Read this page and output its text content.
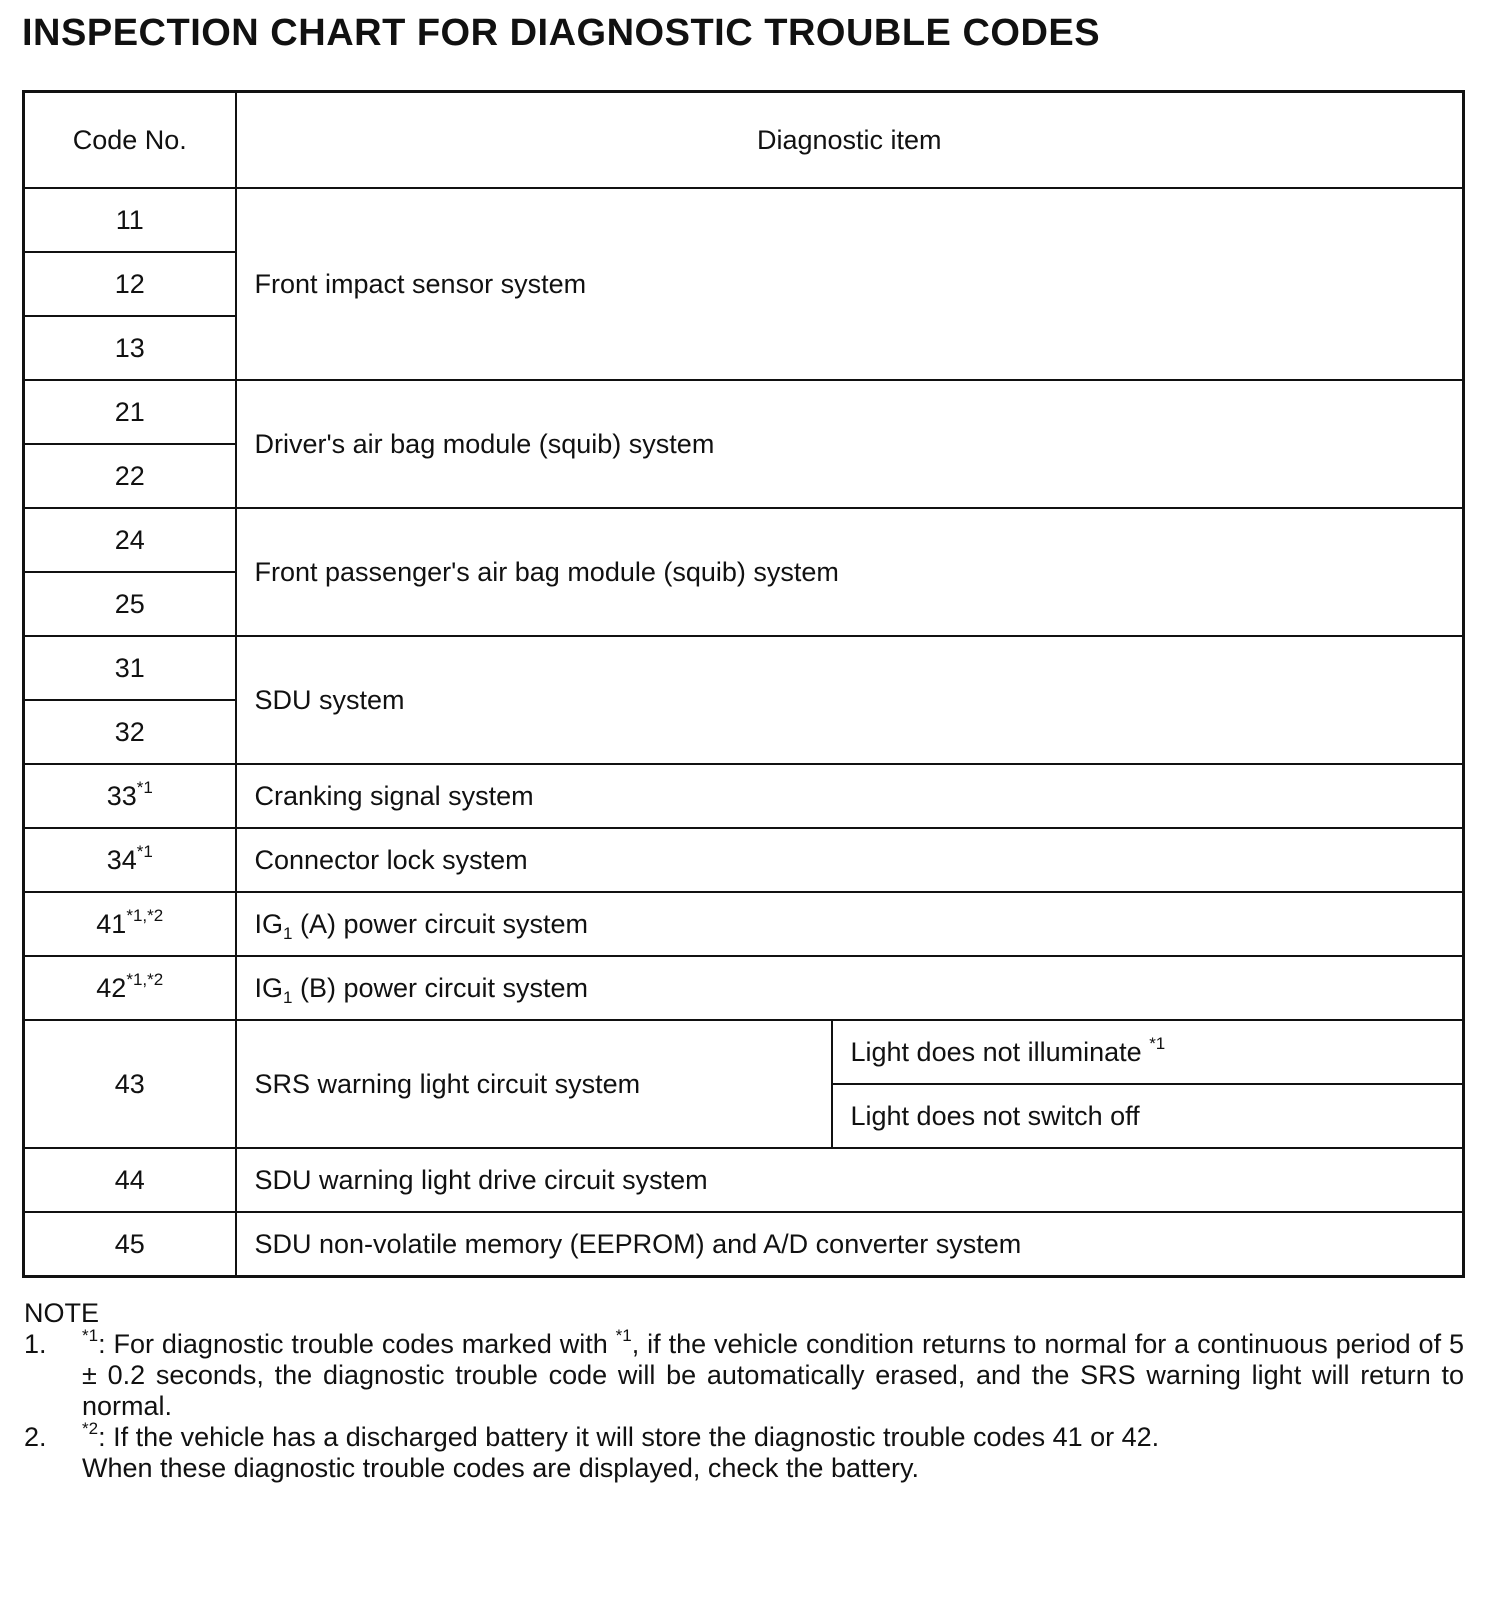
INSPECTION CHART FOR DIAGNOSTIC TROUBLE CODES
Code No.	Diagnostic item	
11	Front impact sensor system	
12		
13		
21	Driver's air bag module (squib) system	
22		
24	Front passenger's air bag module (squib) system	
25		
31	SDU system	
32		
33$^{*1}$	Cranking signal system	
34$^{*1}$	Connector lock system	
$41^{*1,*2}$	$IG_1$ (A) power circuit system	
$42^{*1,*2}$	$IG_1$ (B) power circuit system	
43	SRS warning light circuit system	Light does not illuminate $^{*1}$
		Light does not switch off
44	SDU warning light drive circuit system	
45	SDU non-volatile memory (EEPROM) and A/D converter system	
NOTE
1.	$^{*1}$: For diagnostic trouble codes marked with $^{*1}$, if the vehicle condition returns to normal for a continuous period of 5 ± 0.2 seconds, the diagnostic trouble code will be automatically erased, and the SRS warning light will return to normal.
2.	$^{*2}$: If the vehicle has a discharged battery it will store the diagnostic trouble codes 41 or 42.
When these diagnostic trouble codes are displayed, check the battery.
